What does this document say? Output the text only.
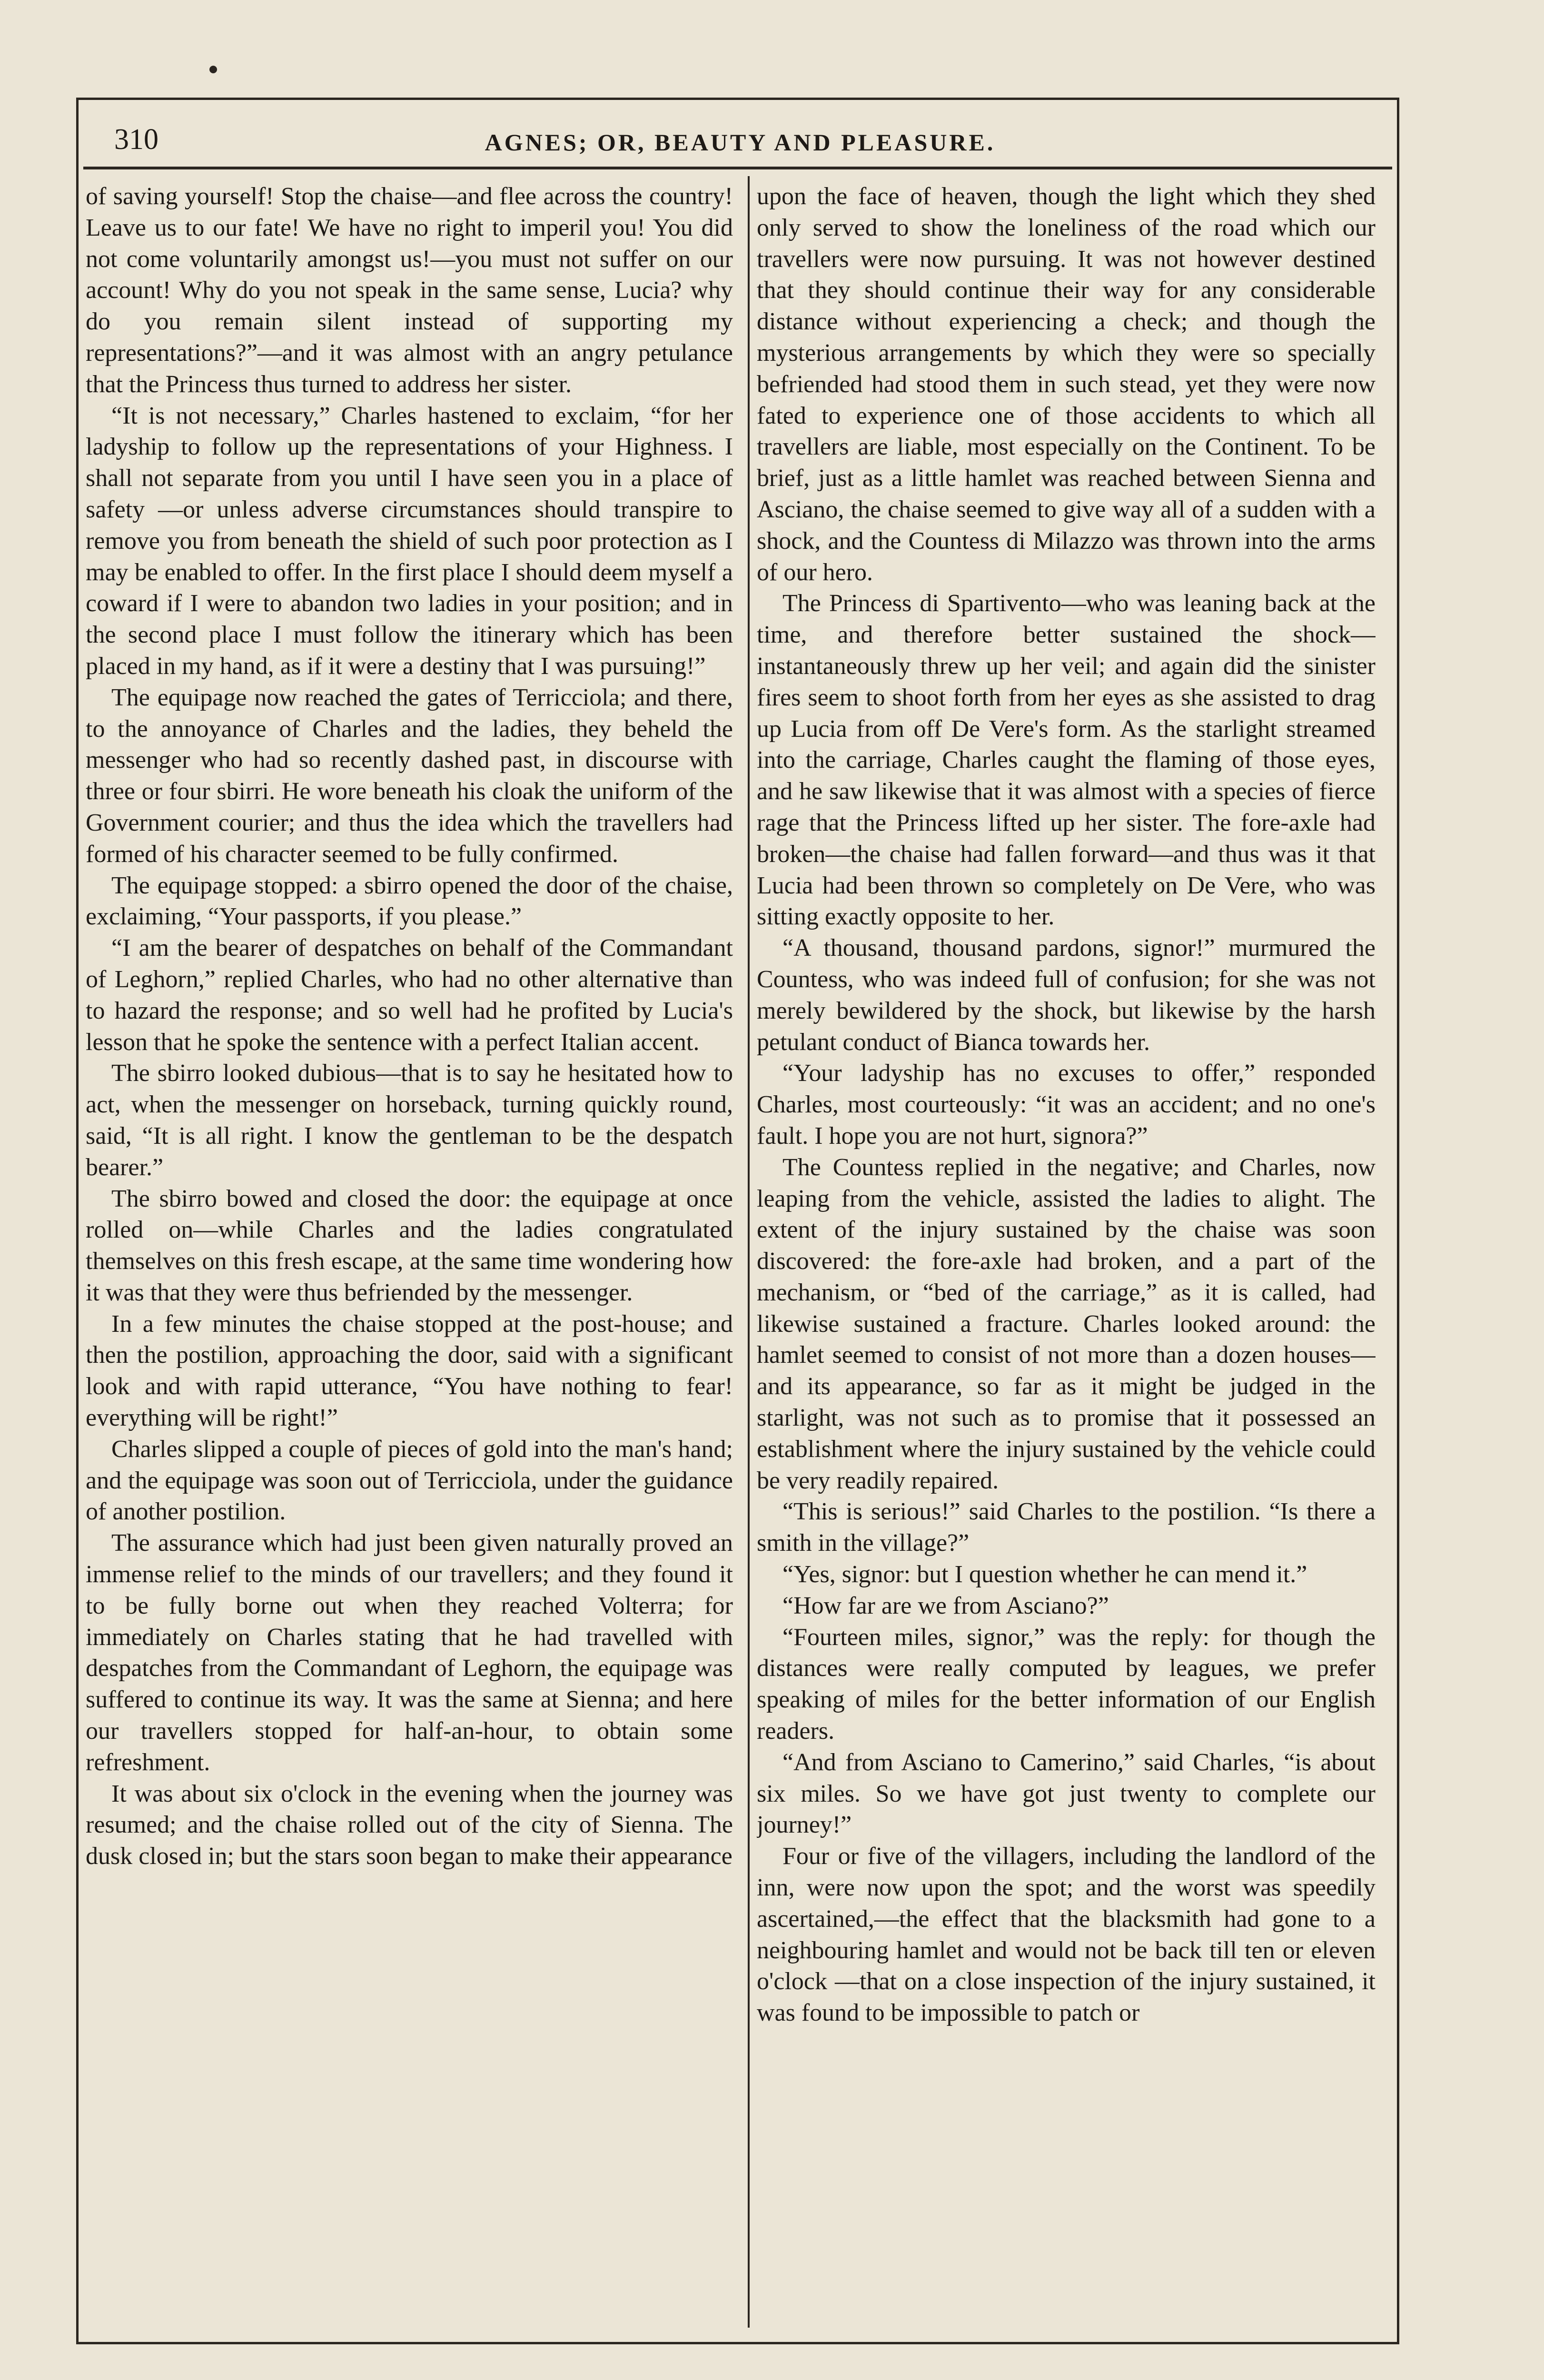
310	AGNES; OR, BEAUTY AND PLEASURE.

of saving yourself! Stop the chaise—and flee across the country! Leave us to our fate! We have no right to imperil you! You did not come voluntarily amongst us!—you must not suffer on our account! Why do you not speak in the same sense, Lucia? why do you remain silent instead of supporting my representations?”—and it was almost with an angry petulance that the Princess thus turned to address her sister.

“It is not necessary,” Charles hastened to exclaim, “for her ladyship to follow up the representations of your Highness. I shall not separate from you until I have seen you in a place of safety —or unless adverse circumstances should transpire to remove you from beneath the shield of such poor protection as I may be enabled to offer. In the first place I should deem myself a coward if I were to abandon two ladies in your position; and in the second place I must follow the itinerary which has been placed in my hand, as if it were a destiny that I was pursuing!”

The equipage now reached the gates of Terricciola; and there, to the annoyance of Charles and the ladies, they beheld the messenger who had so recently dashed past, in discourse with three or four sbirri. He wore beneath his cloak the uniform of the Government courier; and thus the idea which the travellers had formed of his character seemed to be fully confirmed.

The equipage stopped: a sbirro opened the door of the chaise, exclaiming, “Your passports, if you please.”

“I am the bearer of despatches on behalf of the Commandant of Leghorn,” replied Charles, who had no other alternative than to hazard the response; and so well had he profited by Lucia's lesson that he spoke the sentence with a perfect Italian accent.

The sbirro looked dubious—that is to say he hesitated how to act, when the messenger on horseback, turning quickly round, said, “It is all right. I know the gentleman to be the despatch bearer.”

The sbirro bowed and closed the door: the equipage at once rolled on—while Charles and the ladies congratulated themselves on this fresh escape, at the same time wondering how it was that they were thus befriended by the messenger.

In a few minutes the chaise stopped at the post-house; and then the postilion, approaching the door, said with a significant look and with rapid utterance, “You have nothing to fear! everything will be right!”

Charles slipped a couple of pieces of gold into the man's hand; and the equipage was soon out of Terricciola, under the guidance of another postilion.

The assurance which had just been given naturally proved an immense relief to the minds of our travellers; and they found it to be fully borne out when they reached Volterra; for immediately on Charles stating that he had travelled with despatches from the Commandant of Leghorn, the equipage was suffered to continue its way. It was the same at Sienna; and here our travellers stopped for half-an-hour, to obtain some refreshment.

It was about six o'clock in the evening when the journey was resumed; and the chaise rolled out of the city of Sienna. The dusk closed in; but the stars soon began to make their appearance

upon the face of heaven, though the light which they shed only served to show the loneliness of the road which our travellers were now pursuing. It was not however destined that they should continue their way for any considerable distance without experiencing a check; and though the mysterious arrangements by which they were so specially befriended had stood them in such stead, yet they were now fated to experience one of those accidents to which all travellers are liable, most especially on the Continent. To be brief, just as a little hamlet was reached between Sienna and Asciano, the chaise seemed to give way all of a sudden with a shock, and the Countess di Milazzo was thrown into the arms of our hero.

The Princess di Spartivento—who was leaning back at the time, and therefore better sustained the shock—instantaneously threw up her veil; and again did the sinister fires seem to shoot forth from her eyes as she assisted to drag up Lucia from off De Vere's form. As the starlight streamed into the carriage, Charles caught the flaming of those eyes, and he saw likewise that it was almost with a species of fierce rage that the Princess lifted up her sister. The fore-axle had broken—the chaise had fallen forward—and thus was it that Lucia had been thrown so completely on De Vere, who was sitting exactly opposite to her.

“A thousand, thousand pardons, signor!” murmured the Countess, who was indeed full of confusion; for she was not merely bewildered by the shock, but likewise by the harsh petulant conduct of Bianca towards her.

“Your ladyship has no excuses to offer,” responded Charles, most courteously: “it was an accident; and no one's fault. I hope you are not hurt, signora?”

The Countess replied in the negative; and Charles, now leaping from the vehicle, assisted the ladies to alight. The extent of the injury sustained by the chaise was soon discovered: the fore-axle had broken, and a part of the mechanism, or “bed of the carriage,” as it is called, had likewise sustained a fracture. Charles looked around: the hamlet seemed to consist of not more than a dozen houses—and its appearance, so far as it might be judged in the starlight, was not such as to promise that it possessed an establishment where the injury sustained by the vehicle could be very readily repaired.

“This is serious!” said Charles to the postilion. “Is there a smith in the village?”

“Yes, signor: but I question whether he can mend it.”

“How far are we from Asciano?”

“Fourteen miles, signor,” was the reply: for though the distances were really computed by leagues, we prefer speaking of miles for the better information of our English readers.

“And from Asciano to Camerino,” said Charles, “is about six miles. So we have got just twenty to complete our journey!”

Four or five of the villagers, including the landlord of the inn, were now upon the spot; and the worst was speedily ascertained,—the effect that the blacksmith had gone to a neighbouring hamlet and would not be back till ten or eleven o'clock —that on a close inspection of the injury sustained, it was found to be impossible to patch or
